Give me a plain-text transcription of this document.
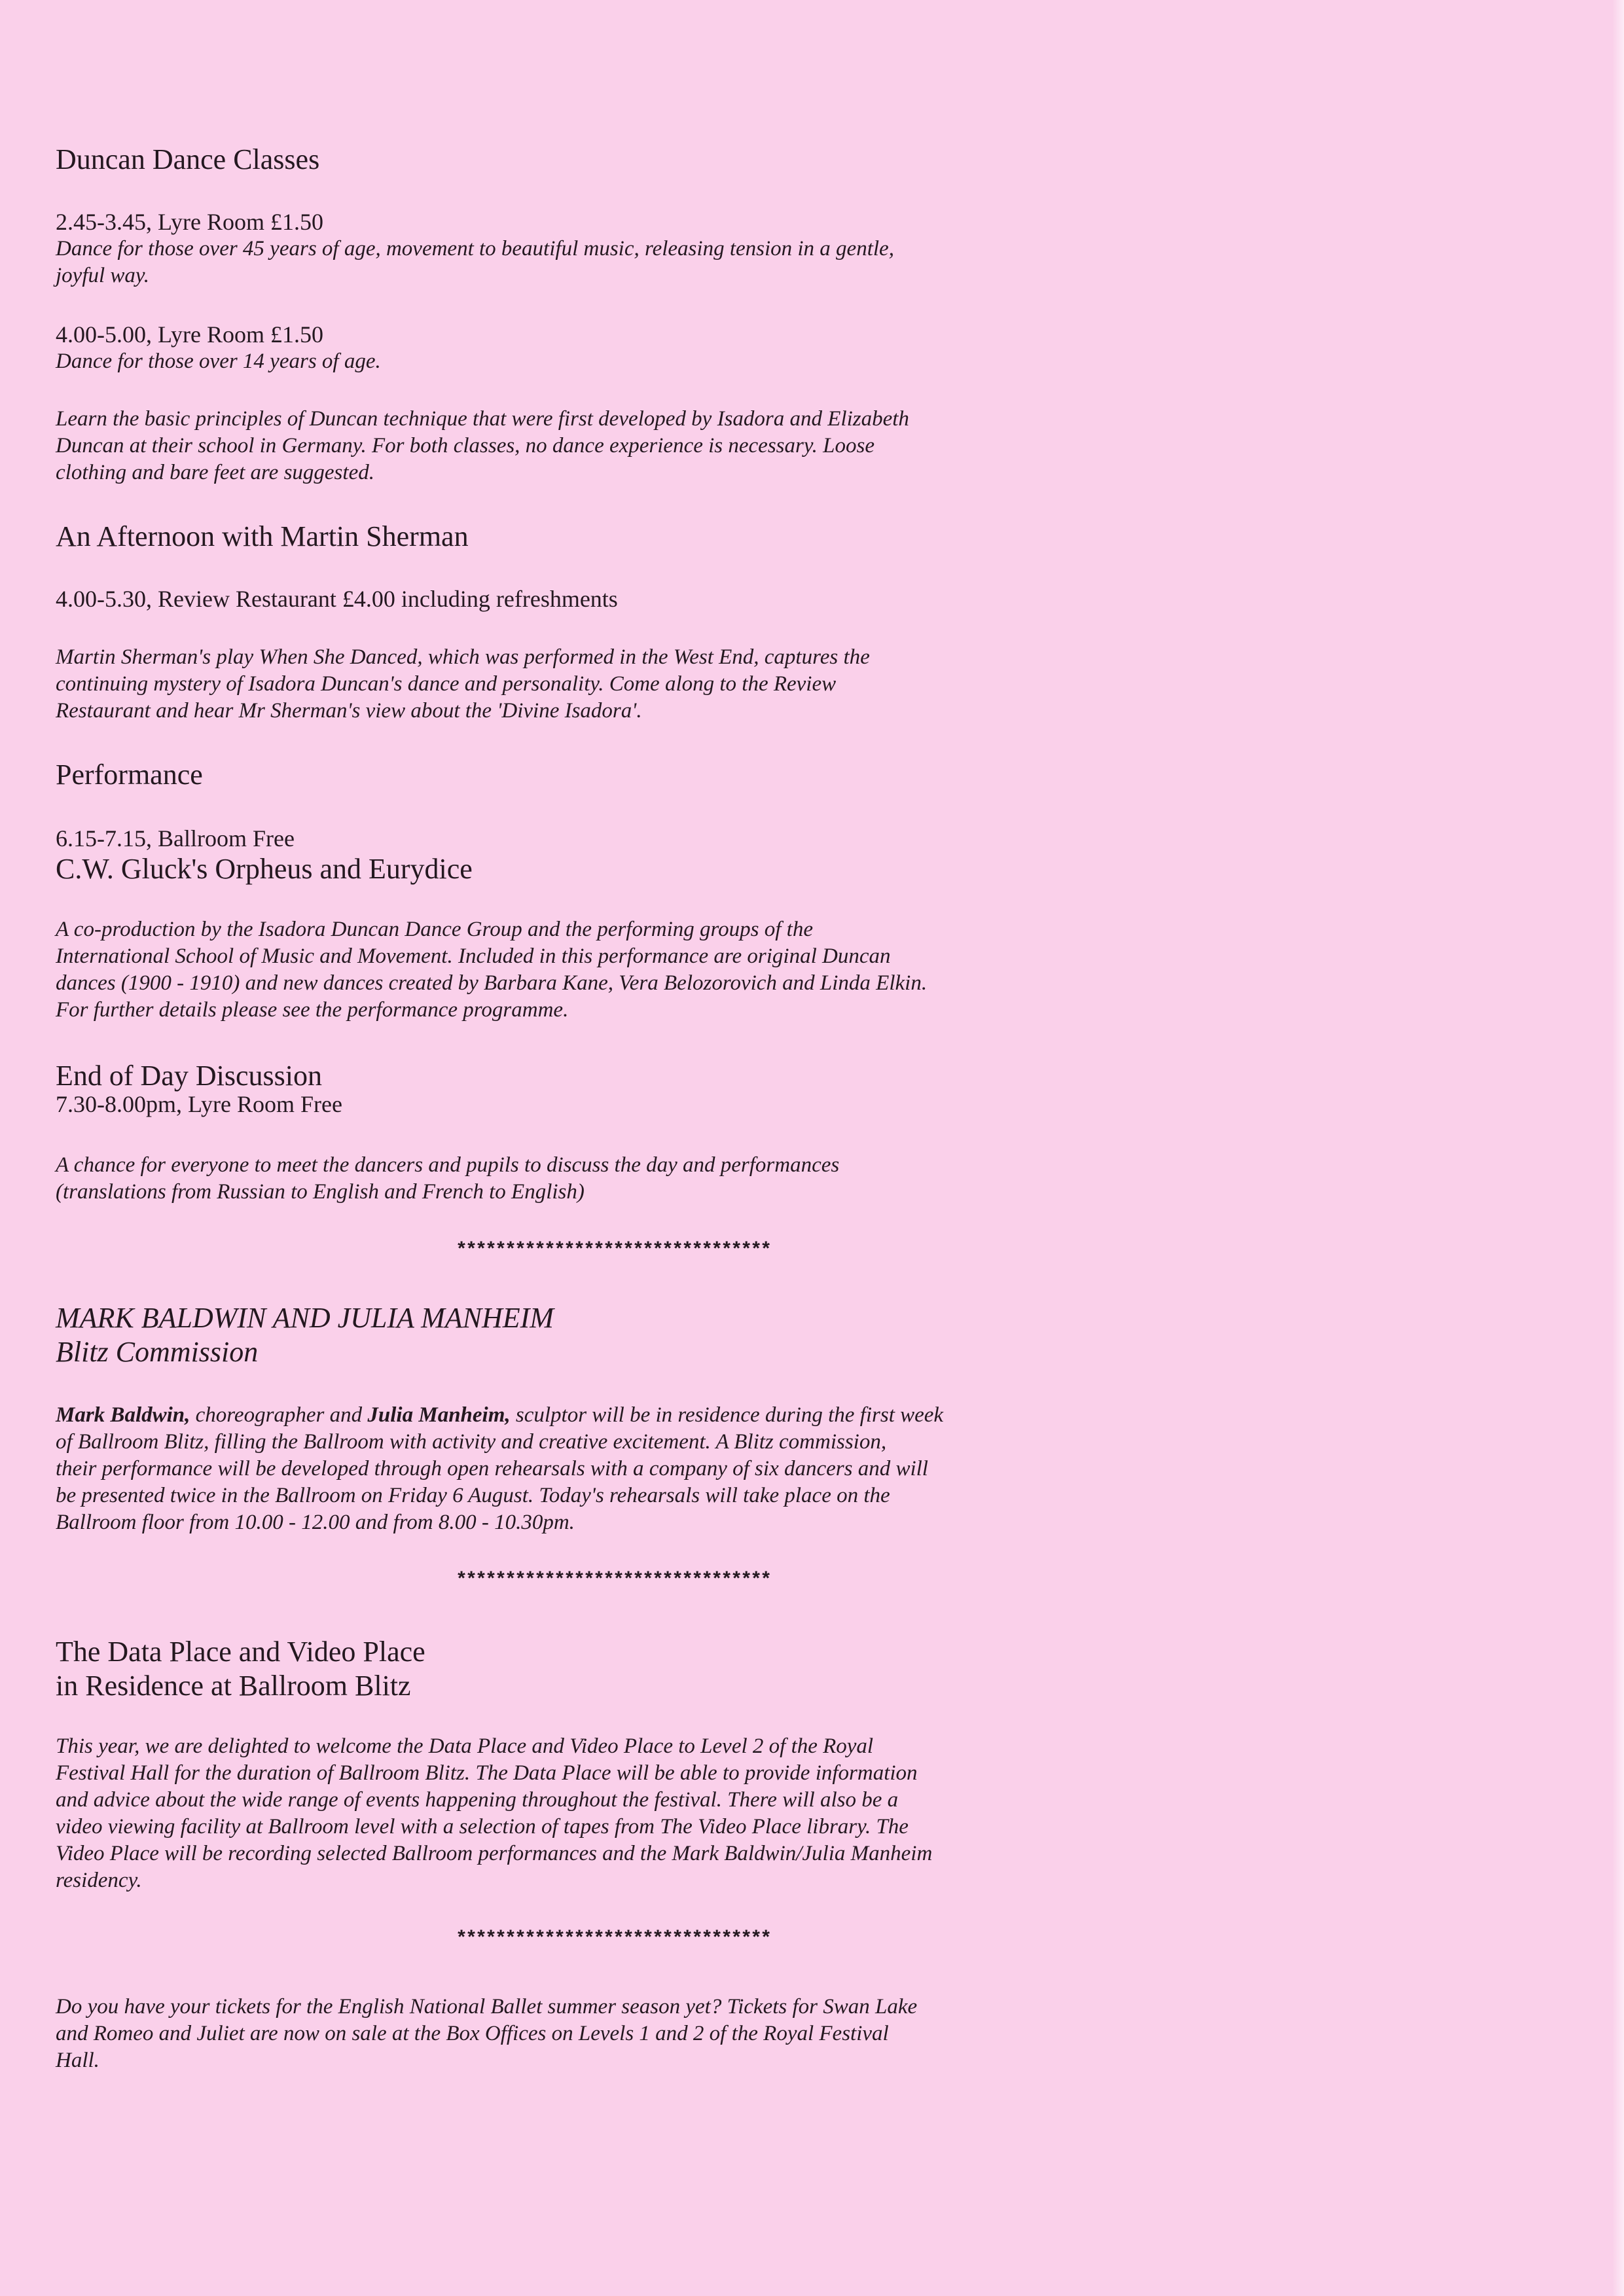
Duncan Dance Classes
2.45-3.45, Lyre Room £1.50
Dance for those over 45 years of age, movement to beautiful music, releasing tension in a gentle,
joyful way.
4.00-5.00, Lyre Room £1.50
Dance for those over 14 years of age.
Learn the basic principles of Duncan technique that were first developed by Isadora and Elizabeth
Duncan at their school in Germany. For both classes, no dance experience is necessary. Loose
clothing and bare feet are suggested.
An Afternoon with Martin Sherman
4.00-5.30, Review Restaurant £4.00 including refreshments
Martin Sherman's play When She Danced, which was performed in the West End, captures the
continuing mystery of Isadora Duncan's dance and personality. Come along to the Review
Restaurant and hear Mr Sherman's view about the 'Divine Isadora'.
Performance
6.15-7.15, Ballroom Free
C.W. Gluck's Orpheus and Eurydice
A co-production by the Isadora Duncan Dance Group and the performing groups of the
International School of Music and Movement. Included in this performance are original Duncan
dances (1900 - 1910) and new dances created by Barbara Kane, Vera Belozorovich and Linda Elkin.
For further details please see the performance programme.
End of Day Discussion
7.30-8.00pm, Lyre Room Free
A chance for everyone to meet the dancers and pupils to discuss the day and performances
(translations from Russian to English and French to English)
********************************
MARK BALDWIN AND JULIA MANHEIM
Blitz Commission
Mark Baldwin, choreographer and Julia Manheim, sculptor will be in residence during the first week
of Ballroom Blitz, filling the Ballroom with activity and creative excitement. A Blitz commission,
their performance will be developed through open rehearsals with a company of six dancers and will
be presented twice in the Ballroom on Friday 6 August. Today's rehearsals will take place on the
Ballroom floor from 10.00 - 12.00 and from 8.00 - 10.30pm.
********************************
The Data Place and Video Place
in Residence at Ballroom Blitz
This year, we are delighted to welcome the Data Place and Video Place to Level 2 of the Royal
Festival Hall for the duration of Ballroom Blitz. The Data Place will be able to provide information
and advice about the wide range of events happening throughout the festival. There will also be a
video viewing facility at Ballroom level with a selection of tapes from The Video Place library. The
Video Place will be recording selected Ballroom performances and the Mark Baldwin/Julia Manheim
residency.
********************************
Do you have your tickets for the English National Ballet summer season yet? Tickets for Swan Lake
and Romeo and Juliet are now on sale at the Box Offices on Levels 1 and 2 of the Royal Festival
Hall.
